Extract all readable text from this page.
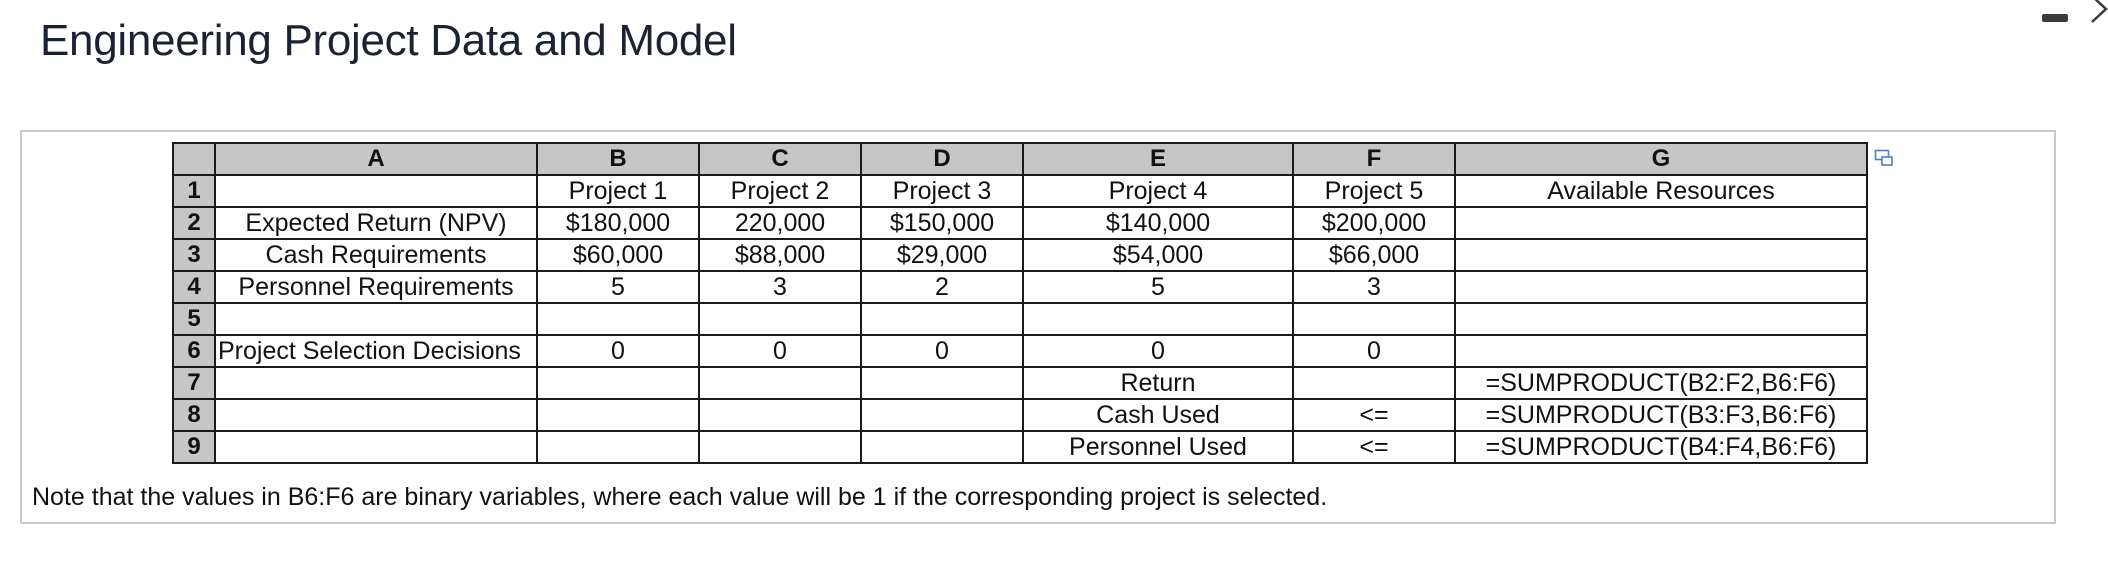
Engineering Project Data and Model
	A	B	C	D	E	F	G
1		Project 1	Project 2	Project 3	Project 4	Project 5	Available Resources
2	Expected Return (NPV)	$180,000	220,000	$150,000	$140,000	$200,000	
3	Cash Requirements	$60,000	$88,000	$29,000	$54,000	$66,000	
4	Personnel Requirements	5	3	2	5	3	
5							
6	Project Selection Decisions	0	0	0	0	0	
7					Return		=SUMPRODUCT(B2:F2,B6:F6)
8					Cash Used	<=	=SUMPRODUCT(B3:F3,B6:F6)
9					Personnel Used	<=	=SUMPRODUCT(B4:F4,B6:F6)
Note that the values in B6:F6 are binary variables, where each value will be 1 if the corresponding project is selected.
